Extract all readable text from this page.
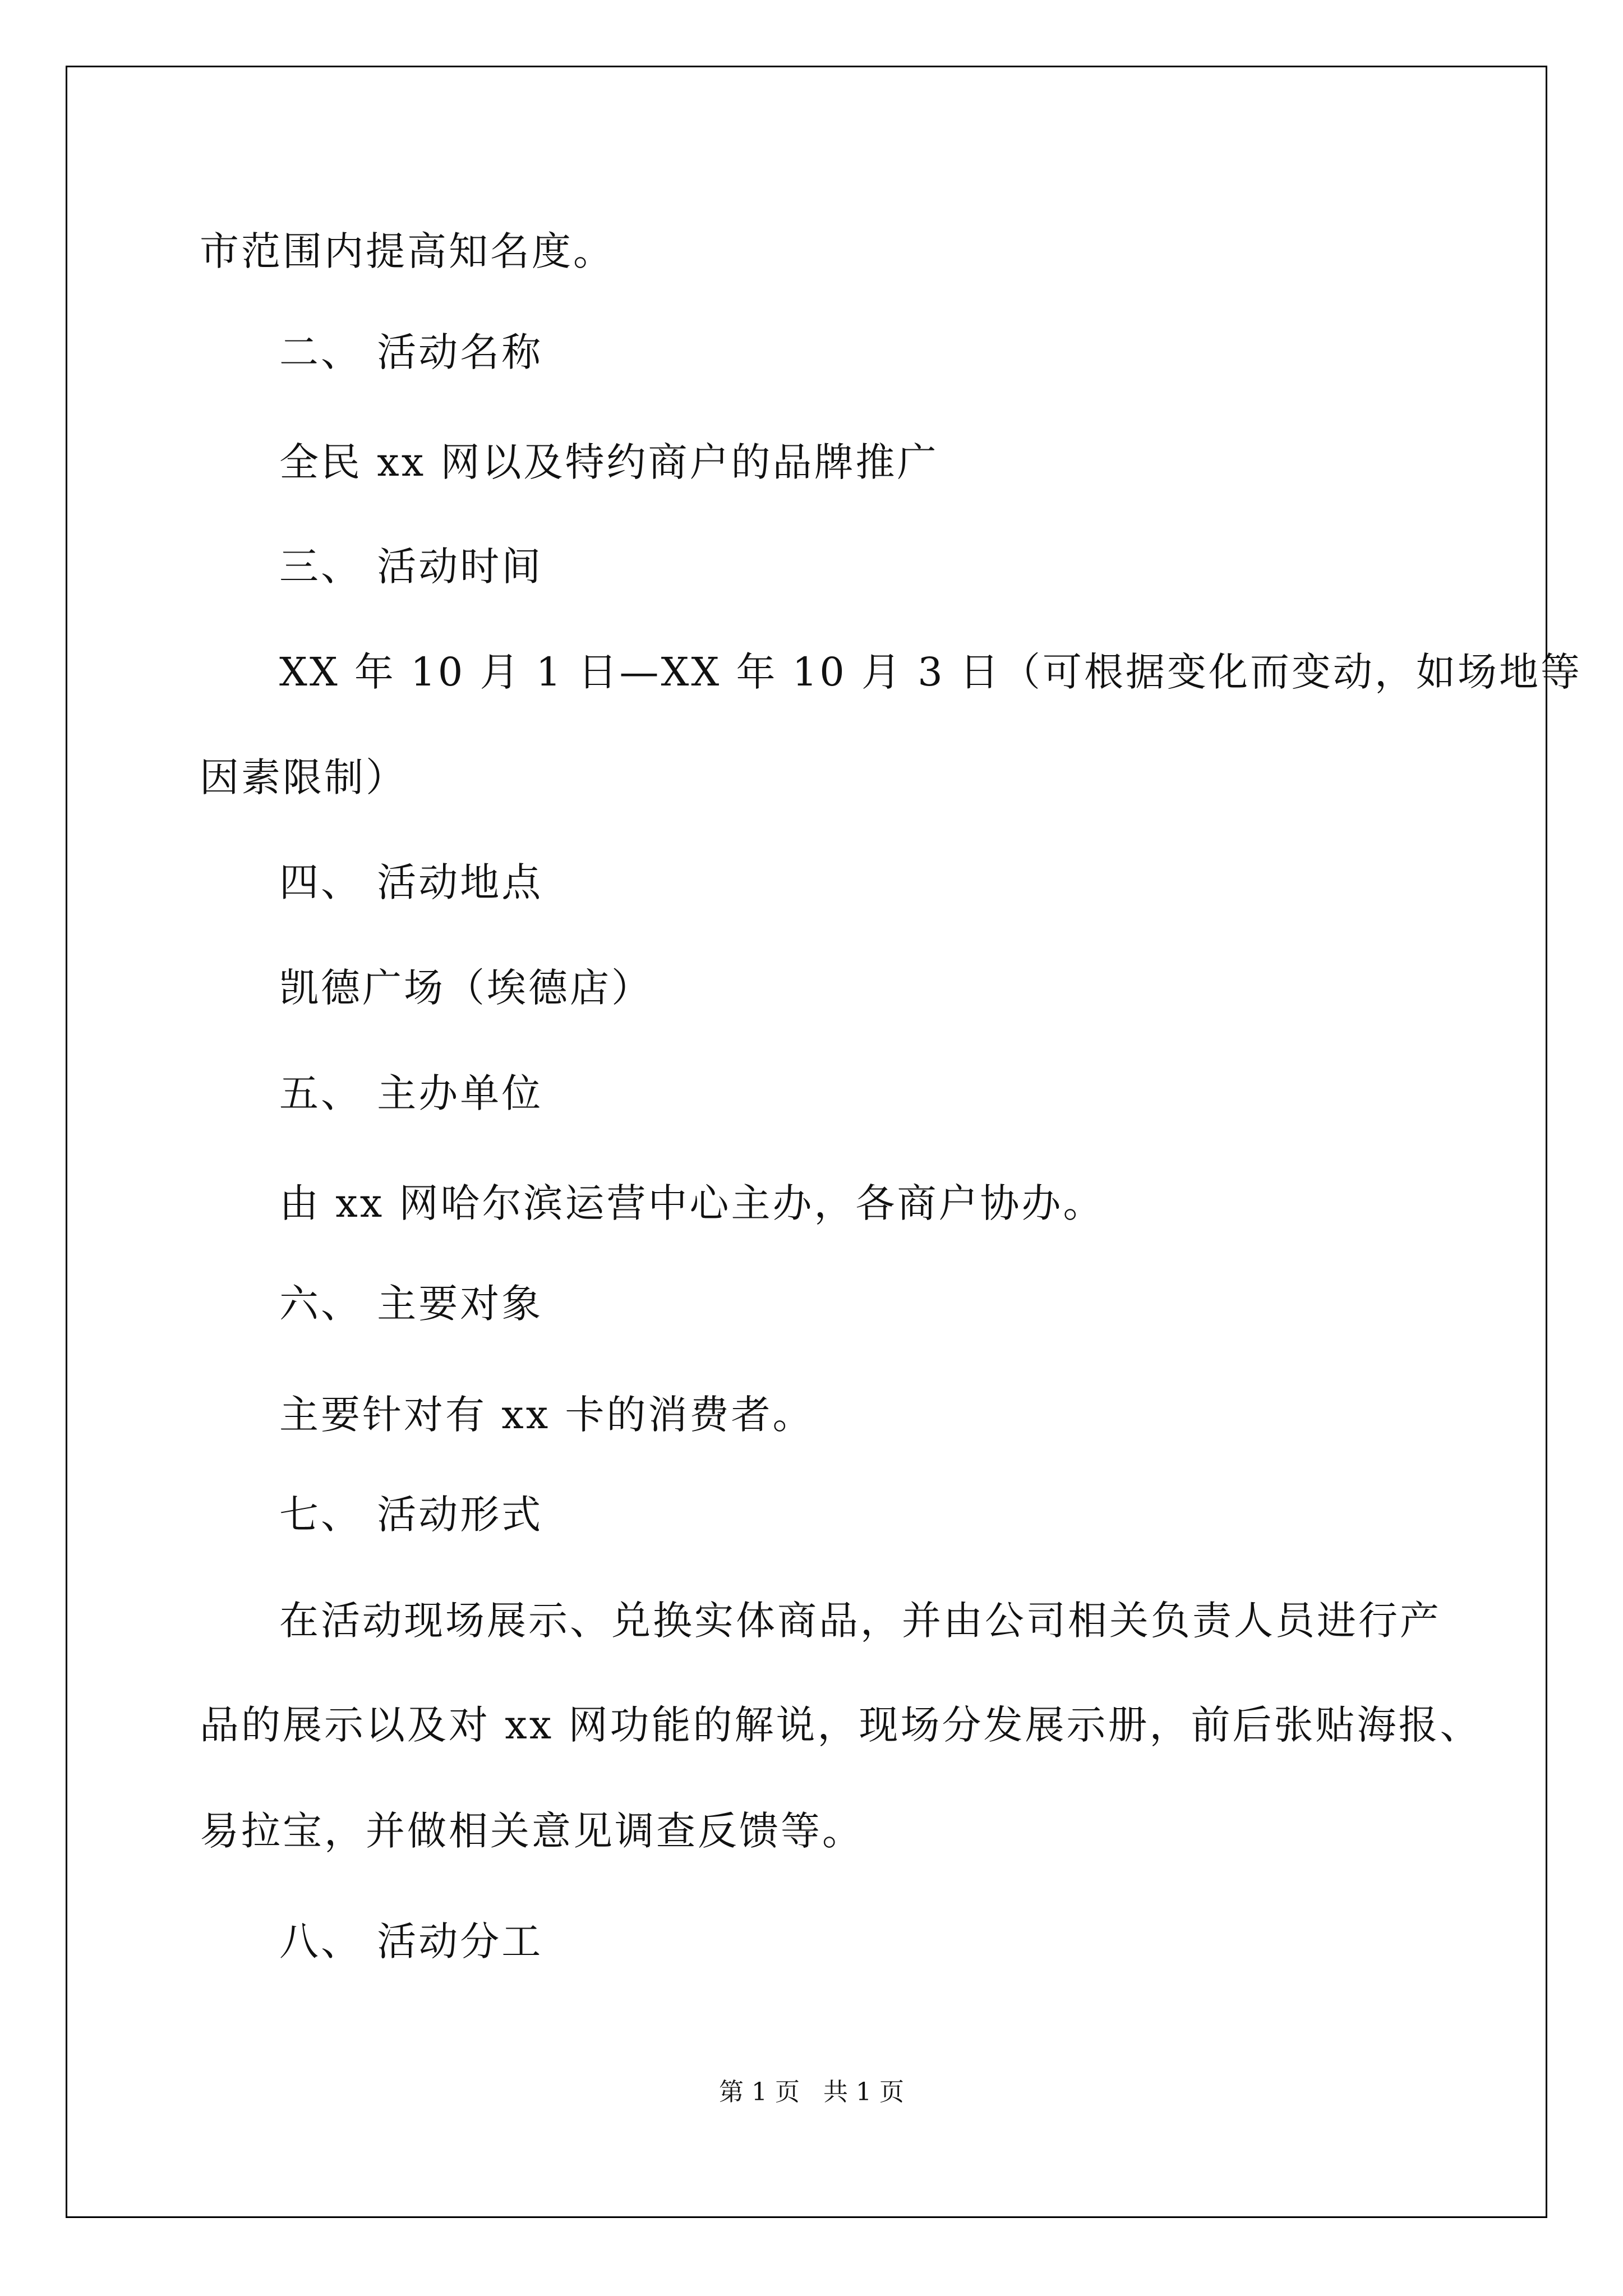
市范围内提高知名度。
二、 活动名称
全民 xx 网以及特约商户的品牌推广
三、 活动时间
XX 年 10 月 1 日—XX 年 10 月 3 日（可根据变化而变动，如场地等
因素限制）
四、 活动地点
凯德广场（埃德店）
五、 主办单位
由 xx 网哈尔滨运营中心主办，各商户协办。
六、 主要对象
主要针对有 xx 卡的消费者。
七、 活动形式
在活动现场展示、兑换实体商品，并由公司相关负责人员进行产
品的展示以及对 xx 网功能的解说，现场分发展示册，前后张贴海报、
易拉宝，并做相关意见调查反馈等。
八、 活动分工
第 1 页 共 1 页
